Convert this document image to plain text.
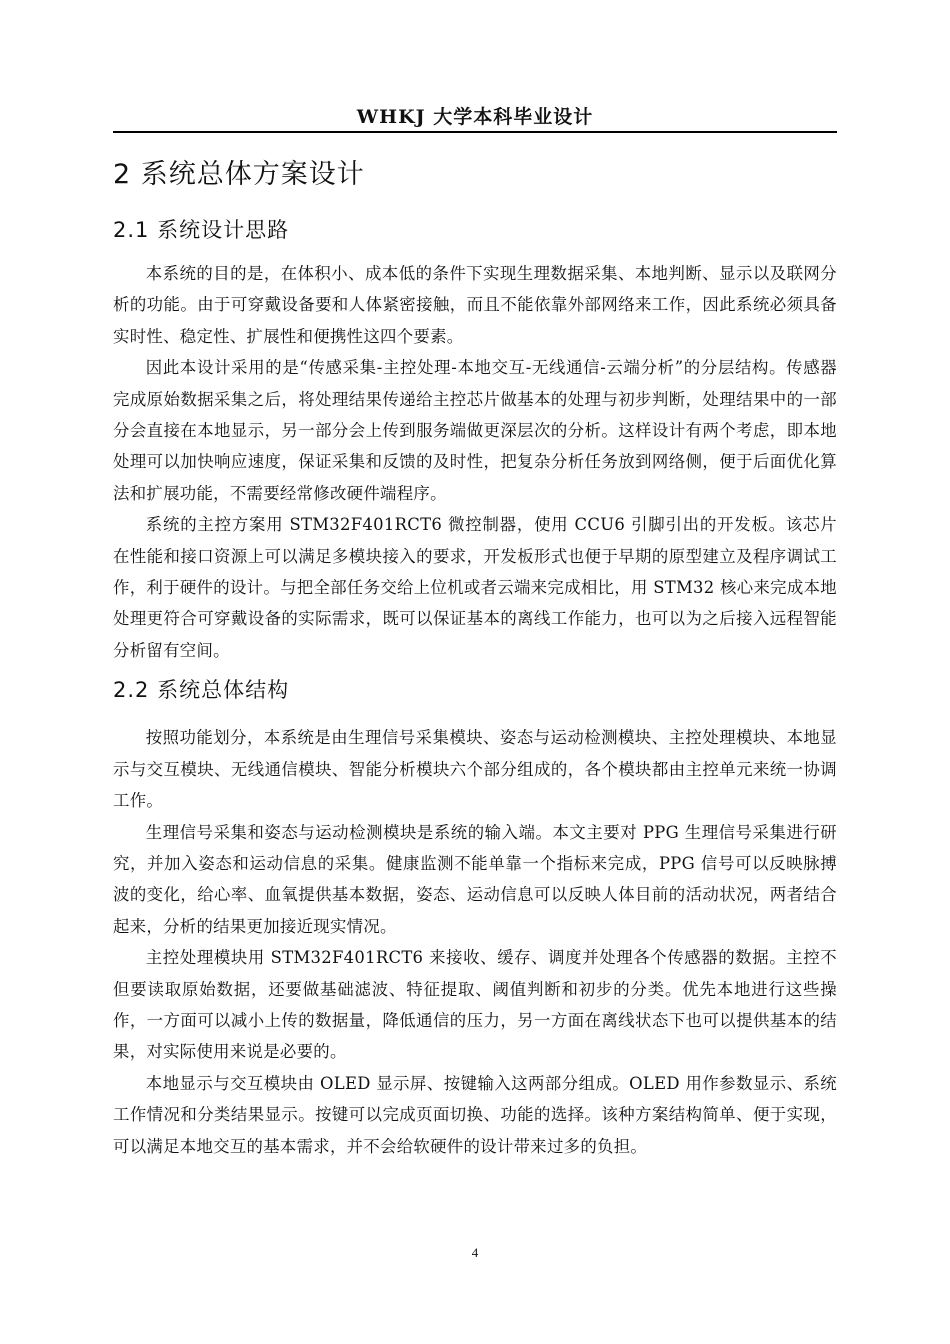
WHKJ 大学本科毕业设计
2 系统总体方案设计
2.1 系统设计思路

本系统的目的是，在体积小、成本低的条件下实现生理数据采集、本地判断、显示以及联网分析的功能。由于可穿戴设备要和人体紧密接触，而且不能依靠外部网络来工作，因此系统必须具备实时性、稳定性、扩展性和便携性这四个要素。

因此本设计采用的是“传感采集-主控处理-本地交互-无线通信-云端分析”的分层结构。传感器完成原始数据采集之后，将处理结果传递给主控芯片做基本的处理与初步判断，处理结果中的一部分会直接在本地显示，另一部分会上传到服务端做更深层次的分析。这样设计有两个考虑，即本地处理可以加快响应速度，保证采集和反馈的及时性，把复杂分析任务放到网络侧，便于后面优化算法和扩展功能，不需要经常修改硬件端程序。

系统的主控方案用 STM32F401RCT6 微控制器，使用 CCU6 引脚引出的开发板。该芯片在性能和接口资源上可以满足多模块接入的要求，开发板形式也便于早期的原型建立及程序调试工作，利于硬件的设计。与把全部任务交给上位机或者云端来完成相比，用 STM32 核心来完成本地处理更符合可穿戴设备的实际需求，既可以保证基本的离线工作能力，也可以为之后接入远程智能分析留有空间。

2.2 系统总体结构

按照功能划分，本系统是由生理信号采集模块、姿态与运动检测模块、主控处理模块、本地显示与交互模块、无线通信模块、智能分析模块六个部分组成的，各个模块都由主控单元来统一协调工作。

生理信号采集和姿态与运动检测模块是系统的输入端。本文主要对 PPG 生理信号采集进行研究，并加入姿态和运动信息的采集。健康监测不能单靠一个指标来完成，PPG 信号可以反映脉搏波的变化，给心率、血氧提供基本数据，姿态、运动信息可以反映人体目前的活动状况，两者结合起来，分析的结果更加接近现实情况。

主控处理模块用 STM32F401RCT6 来接收、缓存、调度并处理各个传感器的数据。主控不但要读取原始数据，还要做基础滤波、特征提取、阈值判断和初步的分类。优先本地进行这些操作，一方面可以减小上传的数据量，降低通信的压力，另一方面在离线状态下也可以提供基本的结果，对实际使用来说是必要的。

本地显示与交互模块由 OLED 显示屏、按键输入这两部分组成。OLED 用作参数显示、系统工作情况和分类结果显示。按键可以完成页面切换、功能的选择。该种方案结构简单、便于实现，可以满足本地交互的基本需求，并不会给软硬件的设计带来过多的负担。

4
